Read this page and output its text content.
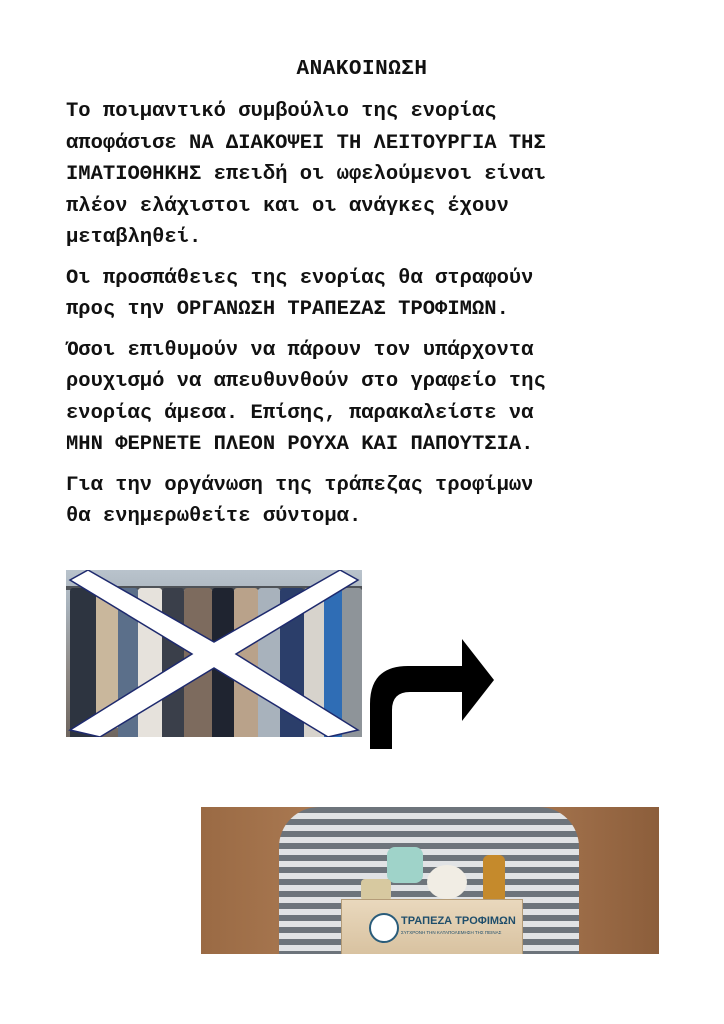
ΑΝΑΚΟΙΝΩΣΗ

Το ποιμαντικό συμβούλιο της ενορίας
αποφάσισε ΝΑ ΔΙΑΚΟΨΕΙ ΤΗ ΛΕΙΤΟΥΡΓΙΑ ΤΗΣ
ΙΜΑΤΙΟΘΗΚΗΣ επειδή οι ωφελούμενοι είναι
πλέον ελάχιστοι και οι ανάγκες έχουν
μεταβληθεί.

Οι προσπάθειες της ενορίας θα στραφούν
προς την ΟΡΓΑΝΩΣΗ ΤΡΑΠΕΖΑΣ ΤΡΟΦΙΜΩΝ.

Όσοι επιθυμούν να πάρουν τον υπάρχοντα
ρουχισμό να απευθυνθούν στο γραφείο της
ενορίας άμεσα. Επίσης, παρακαλείστε να
ΜΗΝ ΦΕΡΝΕΤΕ ΠΛΕΟΝ ΡΟΥΧΑ ΚΑΙ ΠΑΠΟΥΤΣΙΑ.

Για την οργάνωση της τράπεζας τροφίμων
θα ενημερωθείτε σύντομα.

ΤΡΑΠΕΖΑ ΤΡΟΦΙΜΩΝ
ΣΥΓΧΡΟΝΗ ΤΗΝ ΚΑΤΑΠΟΛΕΜΗΣΗ ΤΗΣ ΠΕΙΝΑΣ
